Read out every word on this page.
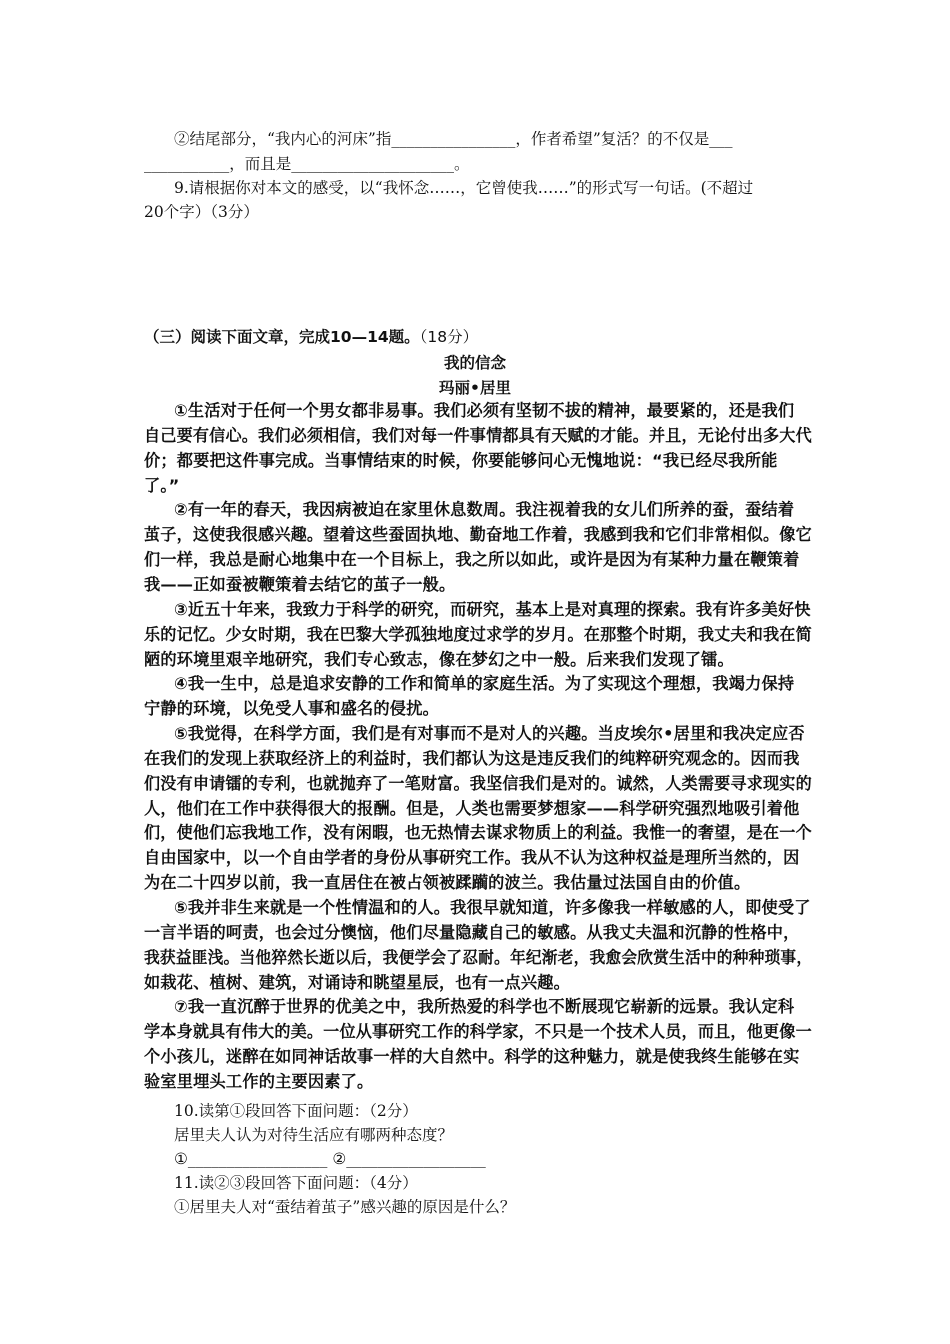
②结尾部分，“我内心的河床”指________________，作者希望”复活？的不仅是___
___________，而且是_____________________。
9.请根据你对本文的感受，以“我怀念……，它曾使我……”的形式写一句话。(不超过
20个字）（3分）
（三）阅读下面文章，完成10—14题。（18分）
我的信念
玛丽•居里
①生活对于任何一个男女都非易事。我们必须有坚韧不拔的精神，最要紧的，还是我们
自己要有信心。我们必须相信，我们对每一件事情都具有天赋的才能。并且，无论付出多大代
价；都要把这件事完成。当事情结束的时候，你要能够问心无愧地说：“我已经尽我所能
了。”
②有一年的春天，我因病被迫在家里休息数周。我注视着我的女儿们所养的蚕，蚕结着
茧子，这使我很感兴趣。望着这些蚕固执地、勤奋地工作着，我感到我和它们非常相似。像它
们一样，我总是耐心地集中在一个目标上，我之所以如此，或许是因为有某种力量在鞭策着
我——正如蚕被鞭策着去结它的茧子一般。
③近五十年来，我致力于科学的研究，而研究，基本上是对真理的探索。我有许多美好快
乐的记忆。少女时期，我在巴黎大学孤独地度过求学的岁月。在那整个时期，我丈夫和我在简
陋的环境里艰辛地研究，我们专心致志，像在梦幻之中一般。后来我们发现了镭。
④我一生中，总是追求安静的工作和简单的家庭生活。为了实现这个理想，我竭力保持
宁静的环境，以免受人事和盛名的侵扰。
⑤我觉得，在科学方面，我们是有对事而不是对人的兴趣。当皮埃尔•居里和我决定应否
在我们的发现上获取经济上的利益时，我们都认为这是违反我们的纯粹研究观念的。因而我
们没有申请镭的专利，也就抛弃了一笔财富。我坚信我们是对的。诚然，人类需要寻求现实的
人，他们在工作中获得很大的报酬。但是，人类也需要梦想家——科学研究强烈地吸引着他
们，使他们忘我地工作，没有闲暇，也无热情去谋求物质上的利益。我惟一的奢望，是在一个
自由国家中，以一个自由学者的身份从事研究工作。我从不认为这种权益是理所当然的，因
为在二十四岁以前，我一直居住在被占领被蹂躏的波兰。我估量过法国自由的价值。
⑤我并非生来就是一个性情温和的人。我很早就知道，许多像我一样敏感的人，即使受了
一言半语的呵责，也会过分懊恼，他们尽量隐藏自己的敏感。从我丈夫温和沉静的性格中，
我获益匪浅。当他猝然长逝以后，我便学会了忍耐。年纪渐老，我愈会欣赏生活中的种种琐事，
如栽花、植树、建筑，对诵诗和眺望星辰，也有一点兴趣。
⑦我一直沉醉于世界的优美之中，我所热爱的科学也不断展现它崭新的远景。我认定科
学本身就具有伟大的美。一位从事研究工作的科学家，不只是一个技术人员，而且，他更像一
个小孩儿，迷醉在如同神话故事一样的大自然中。科学的这种魅力，就是使我终生能够在实
验室里埋头工作的主要因素了。
10.读第①段回答下面问题：（2分）
居里夫人认为对待生活应有哪两种态度？
①__________________ ②__________________
11.读②③段回答下面问题：（4分）
①居里夫人对“蚕结着茧子”感兴趣的原因是什么？
